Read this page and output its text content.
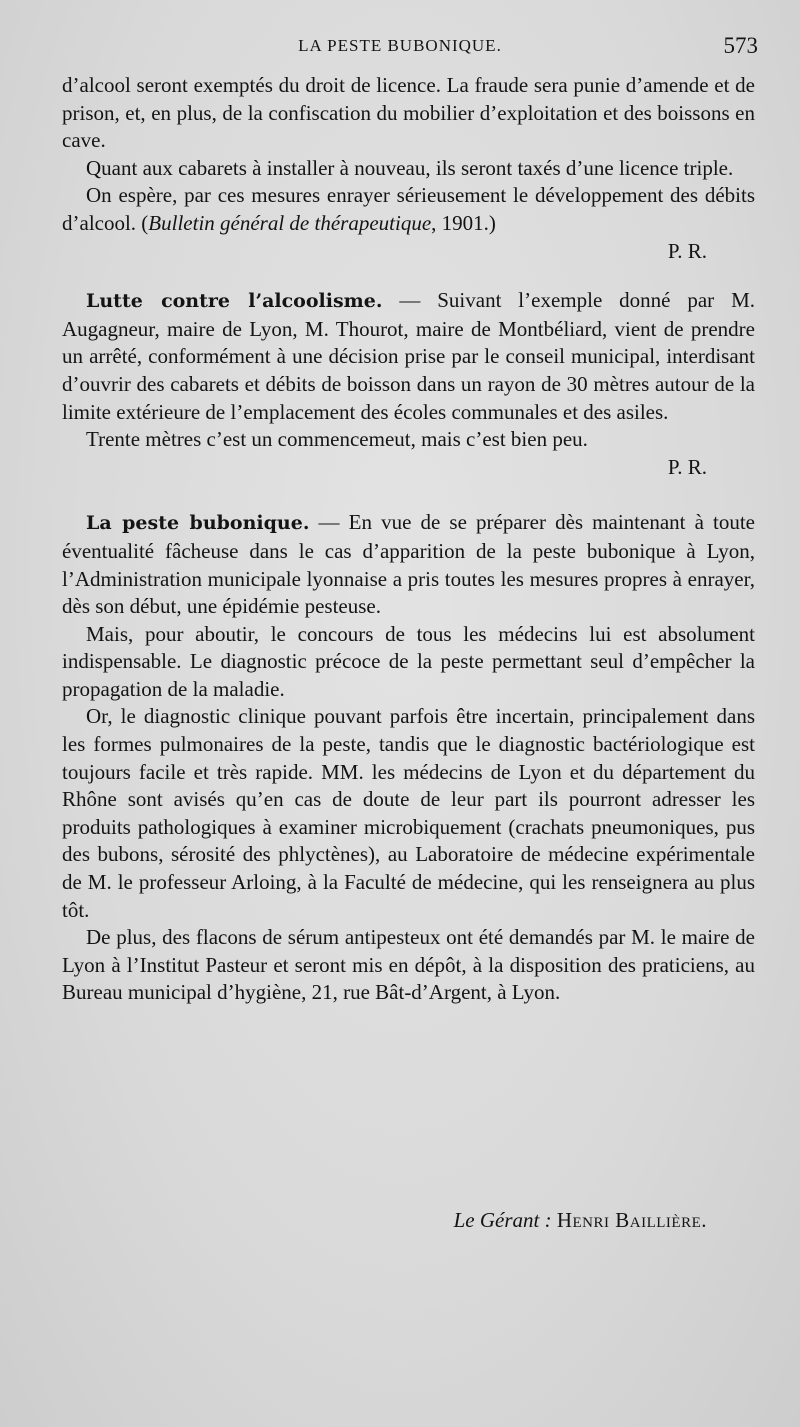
LA PESTE BUBONIQUE.	573

d’alcool seront exemptés du droit de licence. La fraude sera punie d’amende et de prison, et, en plus, de la confiscation du mobilier d’exploitation et des boissons en cave.

Quant aux cabarets à installer à nouveau, ils seront taxés d’une licence triple.

On espère, par ces mesures enrayer sérieusement le développement des débits d’alcool. (Bulletin général de thérapeutique, 1901.)

P. R.

Lutte contre l’alcoolisme. — Suivant l’exemple donné par M. Augagneur, maire de Lyon, M. Thourot, maire de Montbéliard, vient de prendre un arrêté, conformément à une décision prise par le conseil municipal, interdisant d’ouvrir des cabarets et débits de boisson dans un rayon de 30 mètres autour de la limite extérieure de l’emplacement des écoles communales et des asiles.

Trente mètres c’est un commencemeut, mais c’est bien peu.

P. R.

La peste bubonique. — En vue de se préparer dès maintenant à toute éventualité fâcheuse dans le cas d’apparition de la peste bubonique à Lyon, l’Administration municipale lyonnaise a pris toutes les mesures propres à enrayer, dès son début, une épidémie pesteuse.

Mais, pour aboutir, le concours de tous les médecins lui est absolument indispensable. Le diagnostic précoce de la peste permettant seul d’empêcher la propagation de la maladie.

Or, le diagnostic clinique pouvant parfois être incertain, principalement dans les formes pulmonaires de la peste, tandis que le diagnostic bactériologique est toujours facile et très rapide. MM. les médecins de Lyon et du département du Rhône sont avisés qu’en cas de doute de leur part ils pourront adresser les produits pathologiques à examiner microbiquement (crachats pneumoniques, pus des bubons, sérosité des phlyctènes), au Laboratoire de médecine expérimentale de M. le professeur Arloing, à la Faculté de médecine, qui les renseignera au plus tôt.

De plus, des flacons de sérum antipesteux ont été demandés par M. le maire de Lyon à l’Institut Pasteur et seront mis en dépôt, à la disposition des praticiens, au Bureau municipal d’hygiène, 21, rue Bât-d’Argent, à Lyon.

Le Gérant : Henri Baillière.
